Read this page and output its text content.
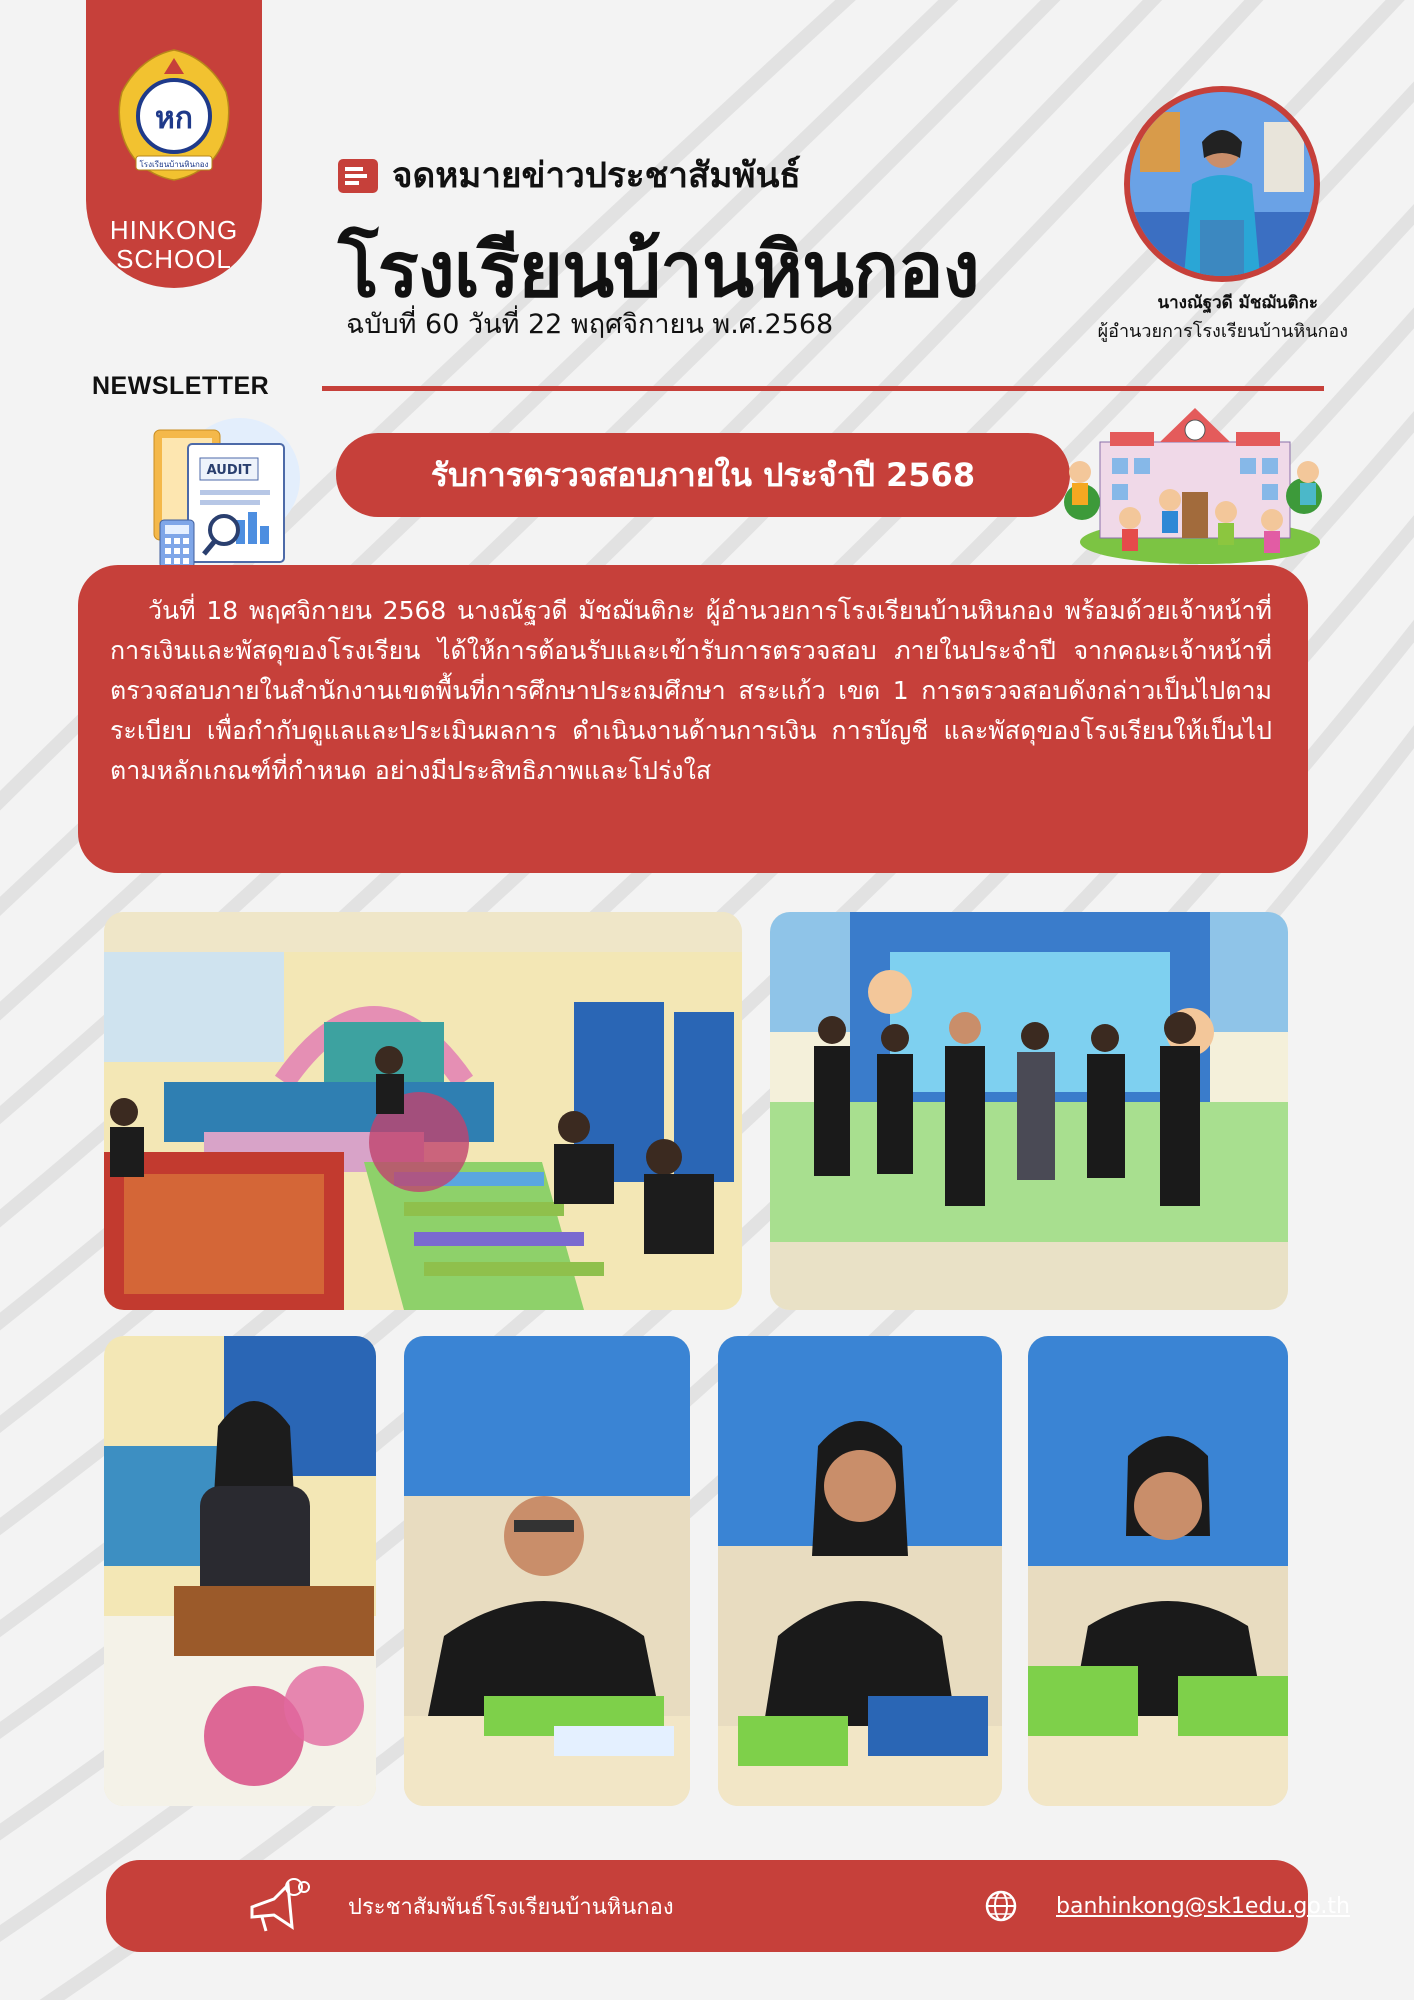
หก
โรงเรียนบ้านหินกอง
HINKONG
SCHOOL
จดหมายข่าวประชาสัมพันธ์
โรงเรียนบ้านหินกอง
ฉบับที่ 60 วันที่ 22 พฤศจิกายน พ.ศ.2568
นางณัฐวดี มัชฌันติกะ
ผู้อำนวยการโรงเรียนบ้านหินกอง
NEWSLETTER
AUDIT	รับการตรวจสอบภายใน ประจำปี 2568

วันที่ 18 พฤศจิกายน 2568 นางณัฐวดี มัชฌันติกะ ผู้อำนวยการโรงเรียนบ้านหินกอง พร้อมด้วยเจ้าหน้าที่การเงินและพัสดุของโรงเรียน ได้ให้การต้อนรับและเข้ารับการตรวจสอบ ภายในประจำปี จากคณะเจ้าหน้าที่ตรวจสอบภายในสำนักงานเขตพื้นที่การศึกษาประถมศึกษา สระแก้ว เขต 1 การตรวจสอบดังกล่าวเป็นไปตามระเบียบ เพื่อกำกับดูแลและประเมินผลการ ดำเนินงานด้านการเงิน การบัญชี และพัสดุของโรงเรียนให้เป็นไปตามหลักเกณฑ์ที่กำหนด อย่างมีประสิทธิภาพและโปร่งใส

ประชาสัมพันธ์โรงเรียนบ้านหินกอง	banhinkong@sk1edu.go.th
